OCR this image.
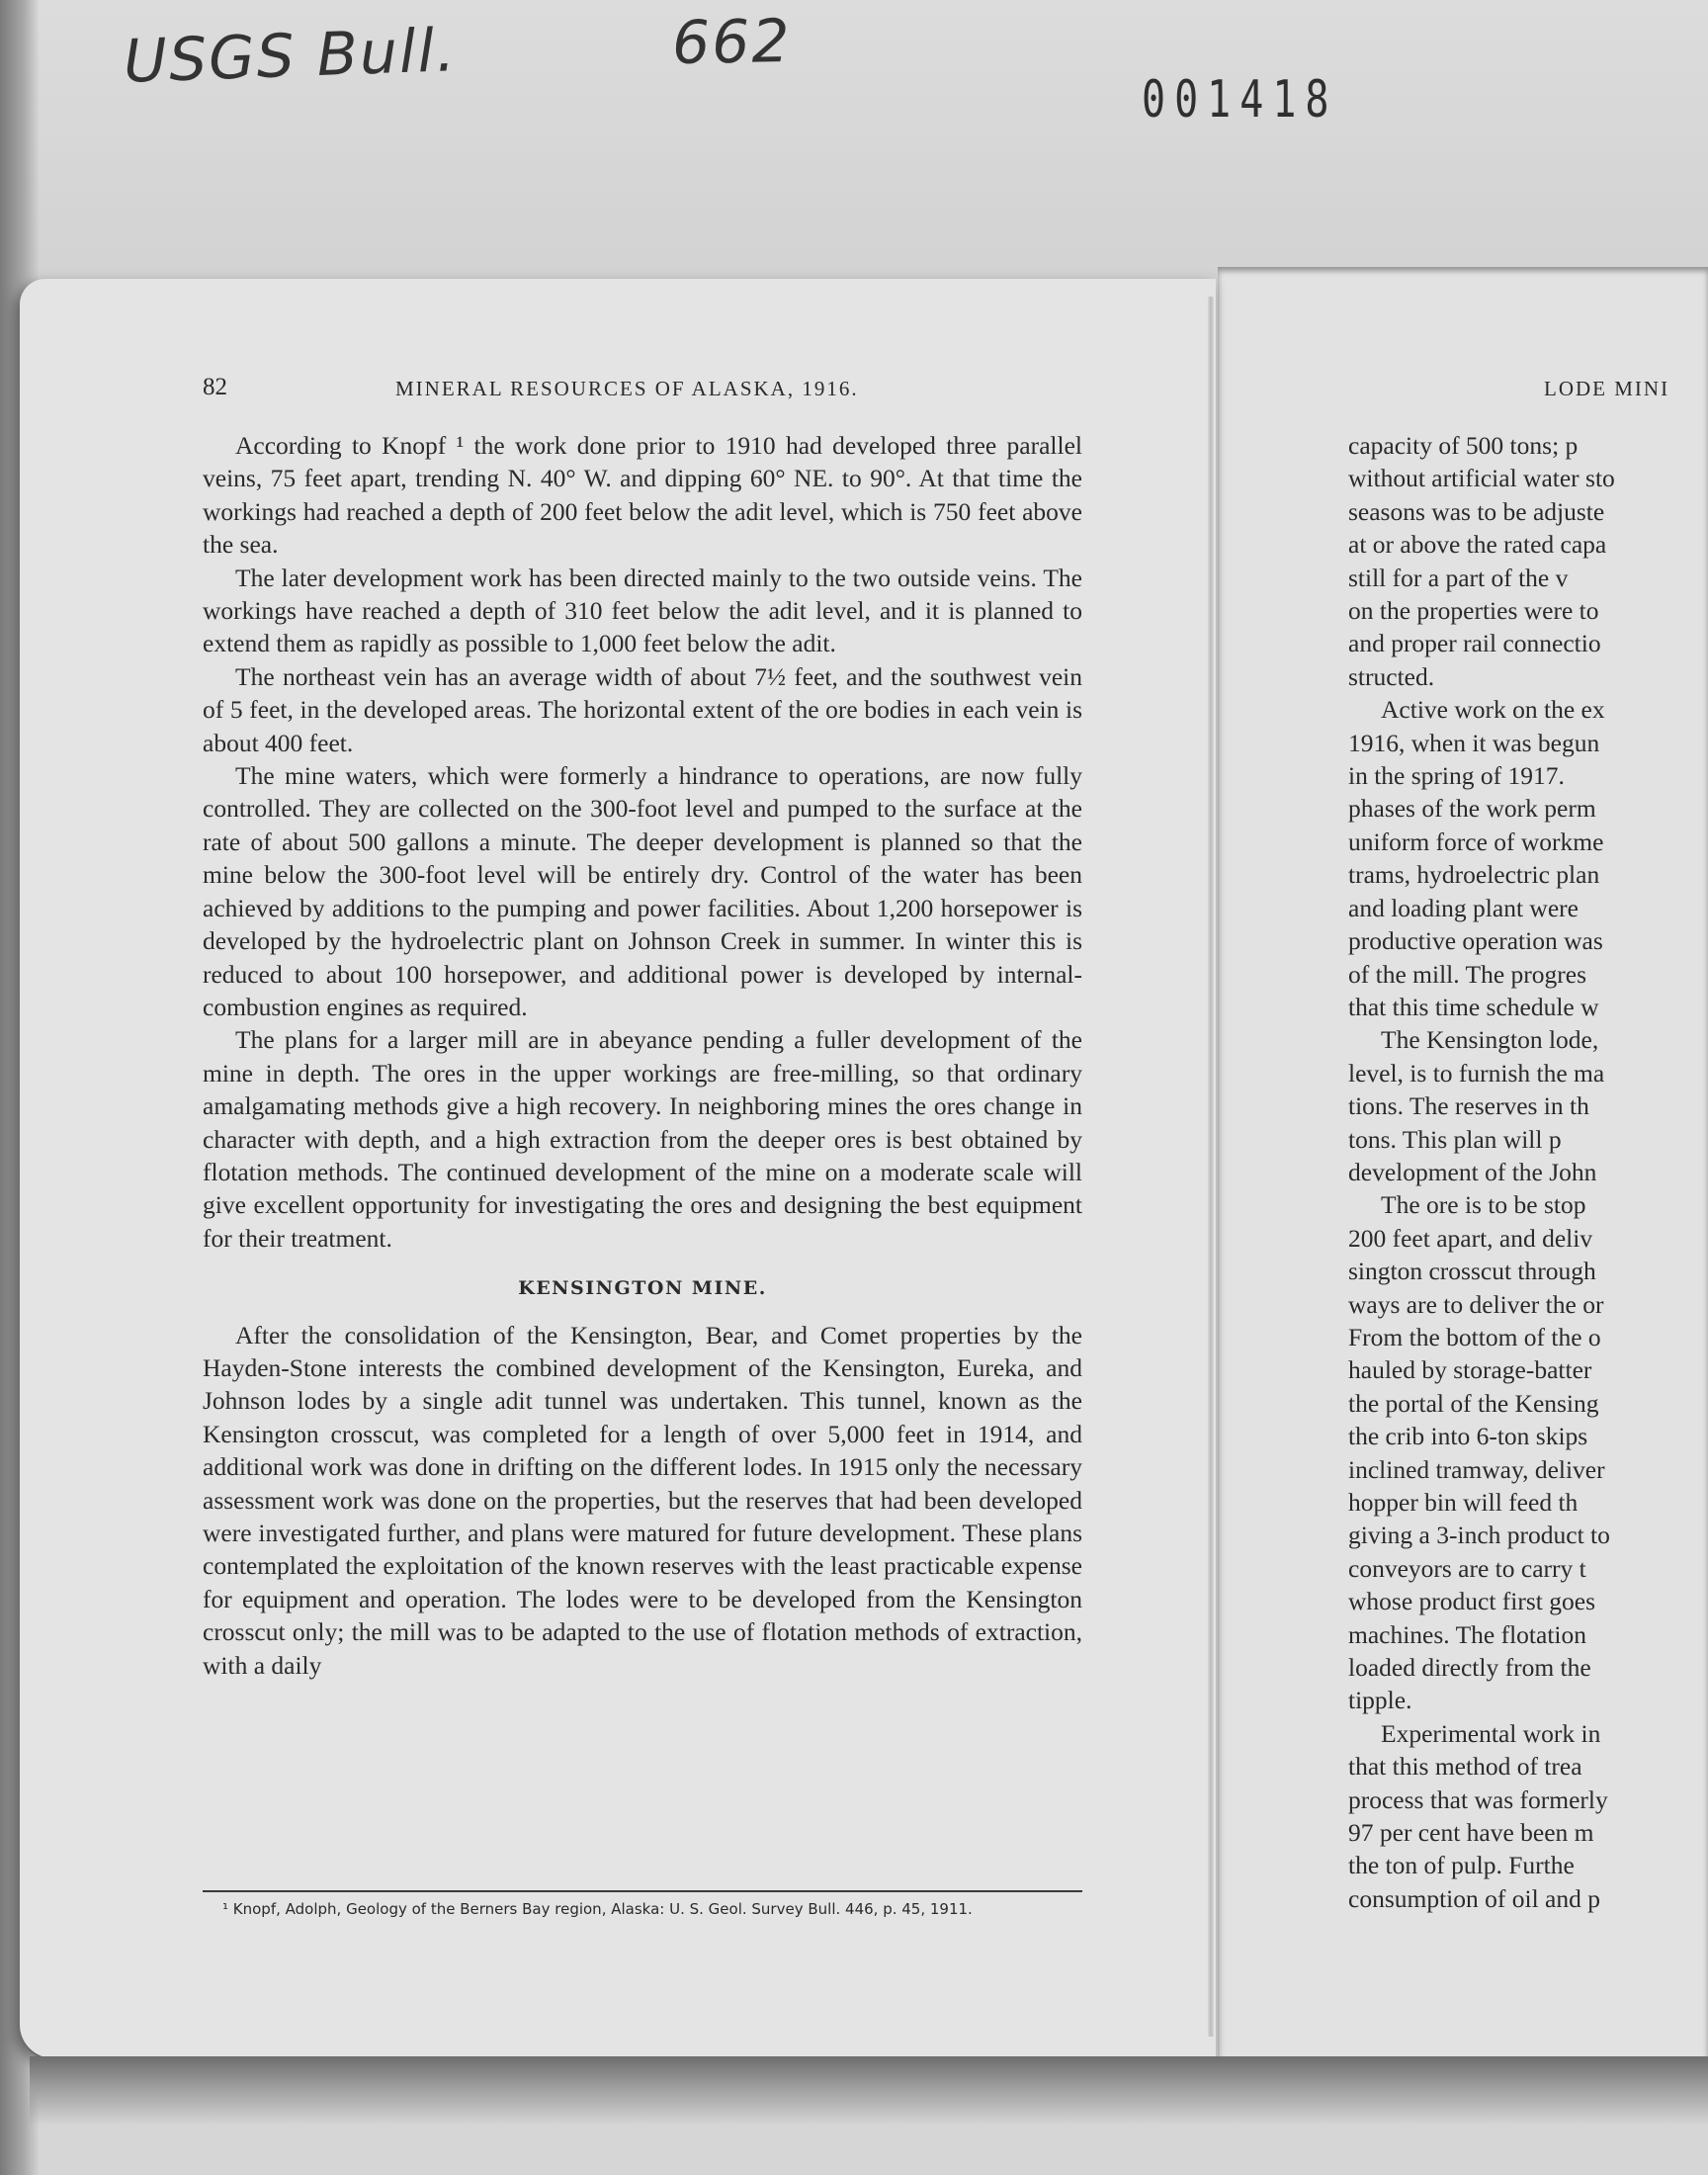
USGS Bull.	662
001418
82	MINERAL RESOURCES OF ALASKA, 1916.	LODE MINI

According to Knopf ¹ the work done prior to 1910 had developed three parallel veins, 75 feet apart, trending N. 40° W. and dipping 60° NE. to 90°. At that time the workings had reached a depth of 200 feet below the adit level, which is 750 feet above the sea.

The later development work has been directed mainly to the two outside veins. The workings have reached a depth of 310 feet below the adit level, and it is planned to extend them as rapidly as possible to 1,000 feet below the adit.

The northeast vein has an average width of about 7½ feet, and the southwest vein of 5 feet, in the developed areas. The horizontal extent of the ore bodies in each vein is about 400 feet.

The mine waters, which were formerly a hindrance to operations, are now fully controlled. They are collected on the 300-foot level and pumped to the surface at the rate of about 500 gallons a minute. The deeper development is planned so that the mine below the 300-foot level will be entirely dry. Control of the water has been achieved by additions to the pumping and power facilities. About 1,200 horsepower is developed by the hydroelectric plant on Johnson Creek in summer. In winter this is reduced to about 100 horsepower, and additional power is developed by internal-combustion engines as required.

The plans for a larger mill are in abeyance pending a fuller development of the mine in depth. The ores in the upper workings are free-milling, so that ordinary amalgamating methods give a high recovery. In neighboring mines the ores change in character with depth, and a high extraction from the deeper ores is best obtained by flotation methods. The continued development of the mine on a moderate scale will give excellent opportunity for investigating the ores and designing the best equipment for their treatment.

KENSINGTON MINE.

After the consolidation of the Kensington, Bear, and Comet properties by the Hayden-Stone interests the combined development of the Kensington, Eureka, and Johnson lodes by a single adit tunnel was undertaken. This tunnel, known as the Kensington crosscut, was completed for a length of over 5,000 feet in 1914, and additional work was done in drifting on the different lodes. In 1915 only the necessary assessment work was done on the properties, but the reserves that had been developed were investigated further, and plans were matured for future development. These plans contemplated the exploitation of the known reserves with the least practicable expense for equipment and operation. The lodes were to be developed from the Kensington crosscut only; the mill was to be adapted to the use of flotation methods of extraction, with a daily

¹ Knopf, Adolph, Geology of the Berners Bay region, Alaska: U. S. Geol. Survey Bull. 446, p. 45, 1911.
capacity of 500 tons; p
without artificial water sto
seasons was to be adjuste
at or above the rated capa
still for a part of the v
on the properties were to
and proper rail connectio
structed.
Active work on the ex
1916, when it was begun
in the spring of 1917.
phases of the work perm
uniform force of workme
trams, hydroelectric plan
and loading plant were
productive operation was
of the mill. The progres
that this time schedule w
The Kensington lode,
level, is to furnish the ma
tions. The reserves in th
tons. This plan will p
development of the John
The ore is to be stop
200 feet apart, and deliv
sington crosscut through
ways are to deliver the or
From the bottom of the o
hauled by storage-batter
the portal of the Kensing
the crib into 6-ton skips
inclined tramway, deliver
hopper bin will feed th
giving a 3-inch product to
conveyors are to carry t
whose product first goes
machines. The flotation
loaded directly from the
tipple.
Experimental work in
that this method of trea
process that was formerly
97 per cent have been m
the ton of pulp. Furthe
consumption of oil and p
